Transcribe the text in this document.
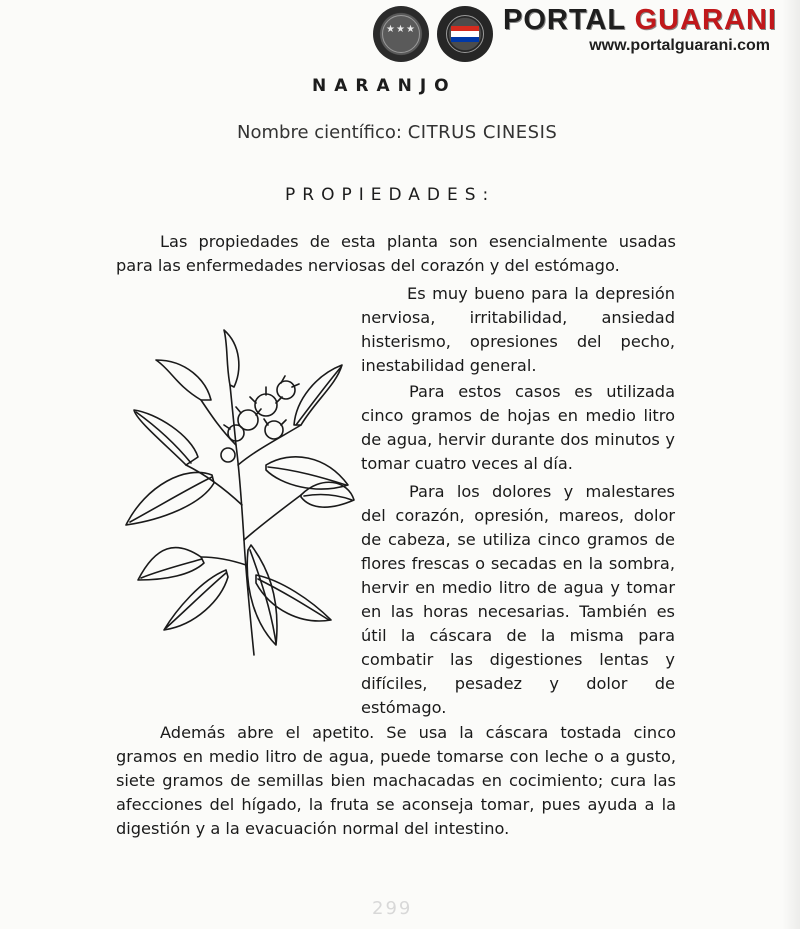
★★★	PORTAL GUARANI
www.portalguarani.com
NARANJO
Nombre científico: CITRUS CINESIS
PROPIEDADES:
Las propiedades de esta planta son esencialmente usadas para las enfermedades nerviosas del corazón y del estómago.
Es muy bueno para la depresión nerviosa, irritabilidad, ansiedad histerismo, opresiones del pecho, inestabilidad general.
Para estos casos es utilizada cinco gramos de hojas en medio litro de agua, hervir durante dos minutos y tomar cuatro veces al día.
Para los dolores y malestares del corazón, opresión, mareos, dolor de cabeza, se utiliza cinco gramos de flores frescas o secadas en la sombra, hervir en medio litro de agua y tomar en las horas necesarias. También es útil la cáscara de la misma para combatir las digestiones lentas y difíciles, pesadez y dolor de estómago.
Además abre el apetito. Se usa la cáscara tostada cinco gramos en medio litro de agua, puede tomarse con leche o a gusto, siete gramos de semillas bien machacadas en cocimiento; cura las afecciones del hígado, la fruta se aconseja tomar, pues ayuda a la digestión y a la evacuación normal del intestino.
299
